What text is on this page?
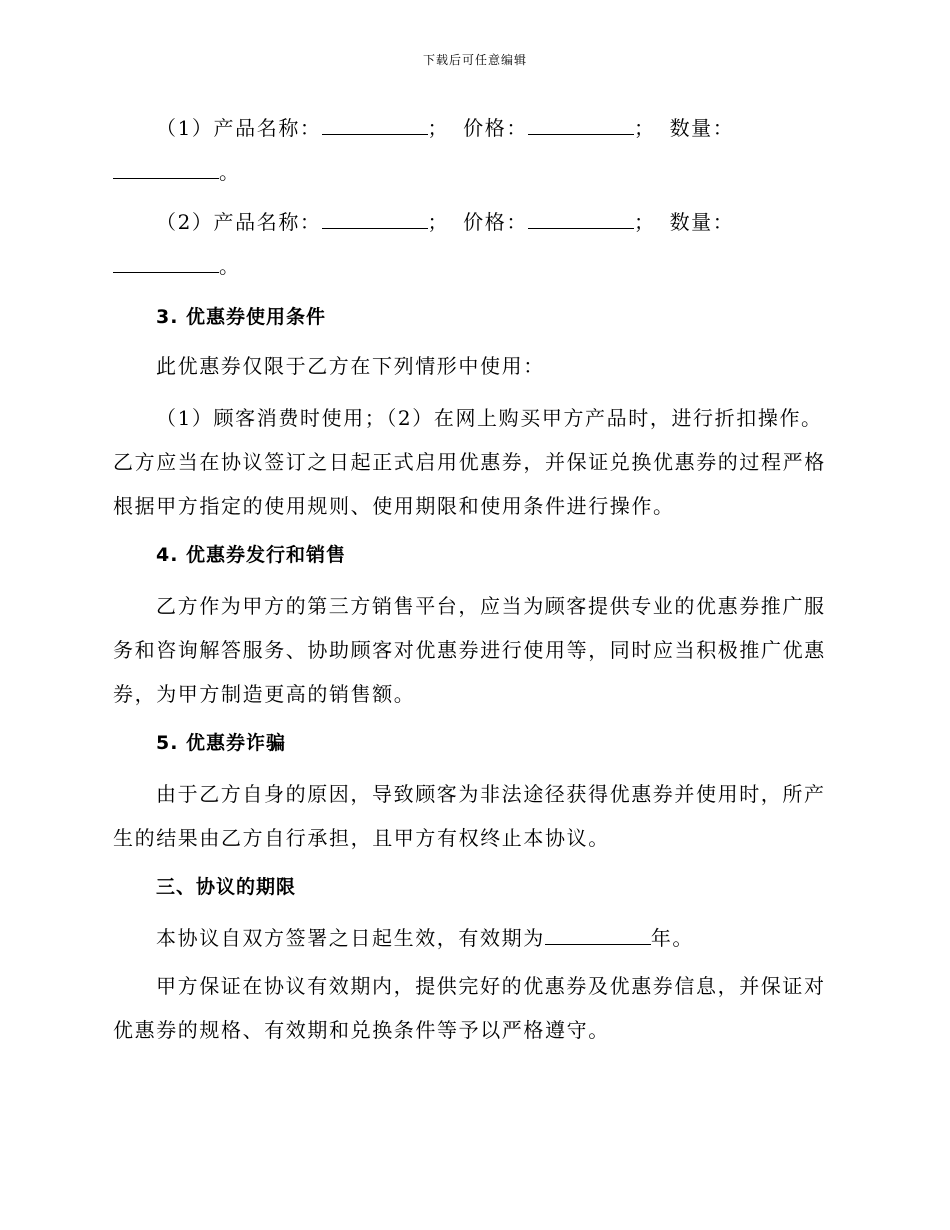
下载后可任意编辑
（1）产品名称：	； 价格：	； 数量：
。
（2）产品名称：	； 价格：	； 数量：
。
3. 优惠券使用条件
此优惠券仅限于乙方在下列情形中使用：

（1）顾客消费时使用；（2）在网上购买甲方产品时，进行折扣操作。乙方应当在协议签订之日起正式启用优惠券，并保证兑换优惠券的过程严格根据甲方指定的使用规则、使用期限和使用条件进行操作。

4. 优惠券发行和销售

乙方作为甲方的第三方销售平台，应当为顾客提供专业的优惠券推广服务和咨询解答服务、协助顾客对优惠券进行使用等，同时应当积极推广优惠券，为甲方制造更高的销售额。

5. 优惠券诈骗

由于乙方自身的原因，导致顾客为非法途径获得优惠券并使用时，所产生的结果由乙方自行承担，且甲方有权终止本协议。

三、协议的期限
本协议自双方签署之日起生效，有效期为	年。

甲方保证在协议有效期内，提供完好的优惠券及优惠券信息，并保证对优惠券的规格、有效期和兑换条件等予以严格遵守。
